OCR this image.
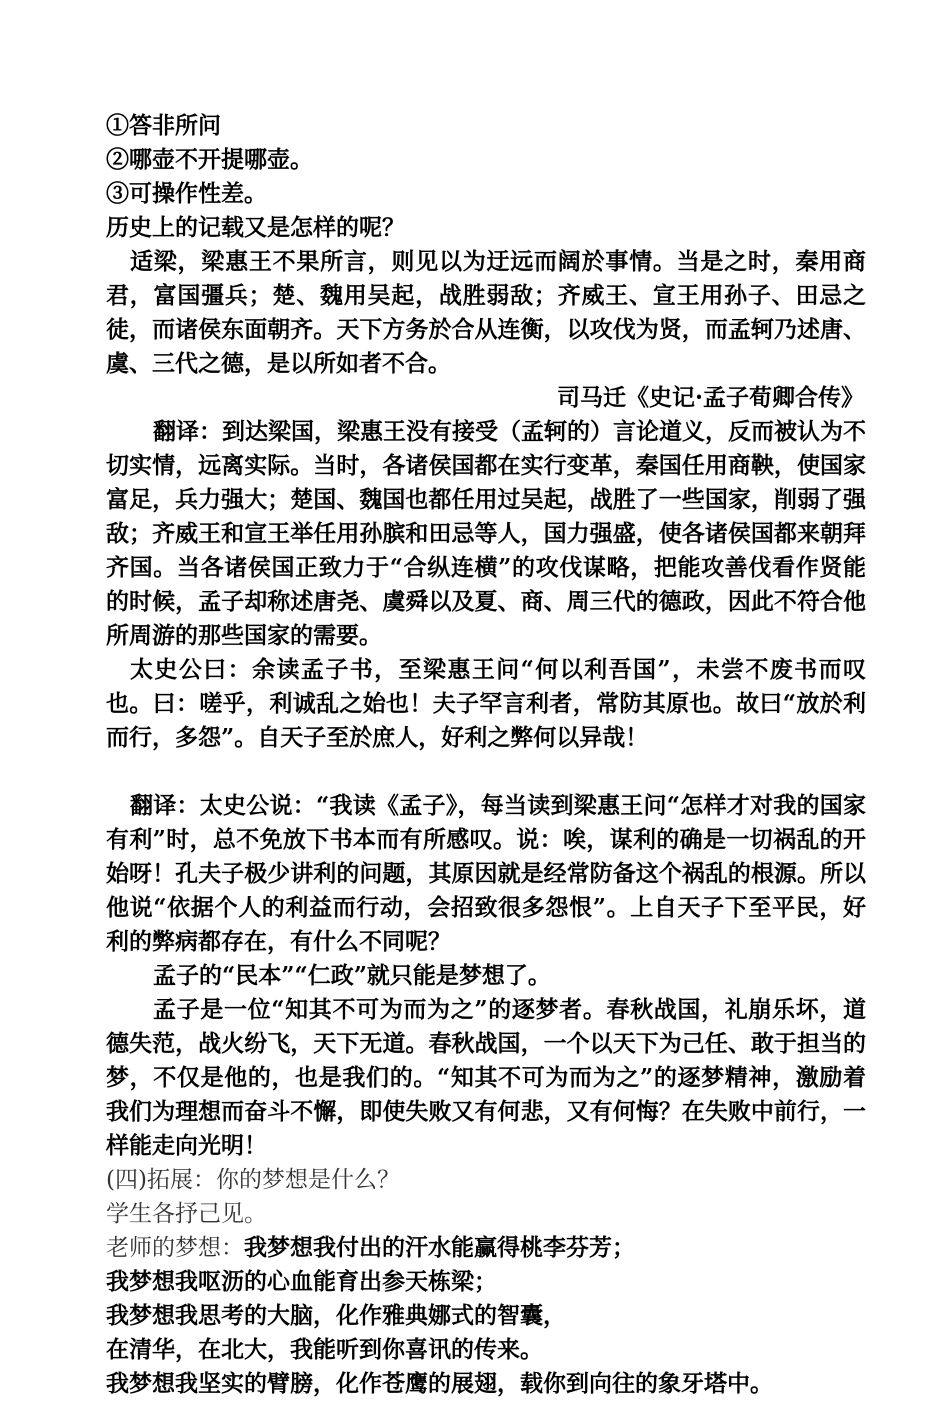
①答非所问

②哪壶不开提哪壶。

③可操作性差。

历史上的记载又是怎样的呢？

适梁，梁惠王不果所言，则见以为迂远而阔於事情。当是之时，秦用商君，富国彊兵；楚、魏用吴起，战胜弱敌；齐威王、宣王用孙子、田忌之徒，而诸侯东面朝齐。天下方务於合从连衡，以攻伐为贤，而孟轲乃述唐、虞、三代之德，是以所如者不合。

司马迁《史记·孟子荀卿合传》

翻译：到达梁国，梁惠王没有接受（孟轲的）言论道义，反而被认为不切实情，远离实际。当时，各诸侯国都在实行变革，秦国任用商鞅，使国家富足，兵力强大；楚国、魏国也都任用过吴起，战胜了一些国家，削弱了强敌；齐威王和宣王举任用孙膑和田忌等人，国力强盛，使各诸侯国都来朝拜齐国。当各诸侯国正致力于“合纵连横”的攻伐谋略，把能攻善伐看作贤能的时候，孟子却称述唐尧、虞舜以及夏、商、周三代的德政，因此不符合他所周游的那些国家的需要。

太史公曰：余读孟子书，至梁惠王问“何以利吾国”，未尝不废书而叹也。曰：嗟乎，利诚乱之始也！夫子罕言利者，常防其原也。故曰“放於利而行，多怨”。自天子至於庶人，好利之弊何以异哉！

翻译：太史公说：“我读《孟子》，每当读到梁惠王问“怎样才对我的国家有利”时，总不免放下书本而有所感叹。说：唉，谋利的确是一切祸乱的开始呀！孔夫子极少讲利的问题，其原因就是经常防备这个祸乱的根源。所以他说“依据个人的利益而行动，会招致很多怨恨”。上自天子下至平民，好利的弊病都存在，有什么不同呢？

孟子的“民本”“仁政”就只能是梦想了。

孟子是一位“知其不可为而为之”的逐梦者。春秋战国，礼崩乐坏，道德失范，战火纷飞，天下无道。春秋战国，一个以天下为己任、敢于担当的梦，不仅是他的，也是我们的。“知其不可为而为之”的逐梦精神，激励着我们为理想而奋斗不懈，即使失败又有何悲，又有何悔？在失败中前行，一样能走向光明！

(四)拓展：你的梦想是什么？

学生各抒己见。

老师的梦想：我梦想我付出的汗水能赢得桃李芬芳；

我梦想我呕沥的心血能育出参天栋梁；

我梦想我思考的大脑，化作雅典娜式的智囊，

在清华，在北大，我能听到你喜讯的传来。

我梦想我坚实的臂膀，化作苍鹰的展翅，载你到向往的象牙塔中。
